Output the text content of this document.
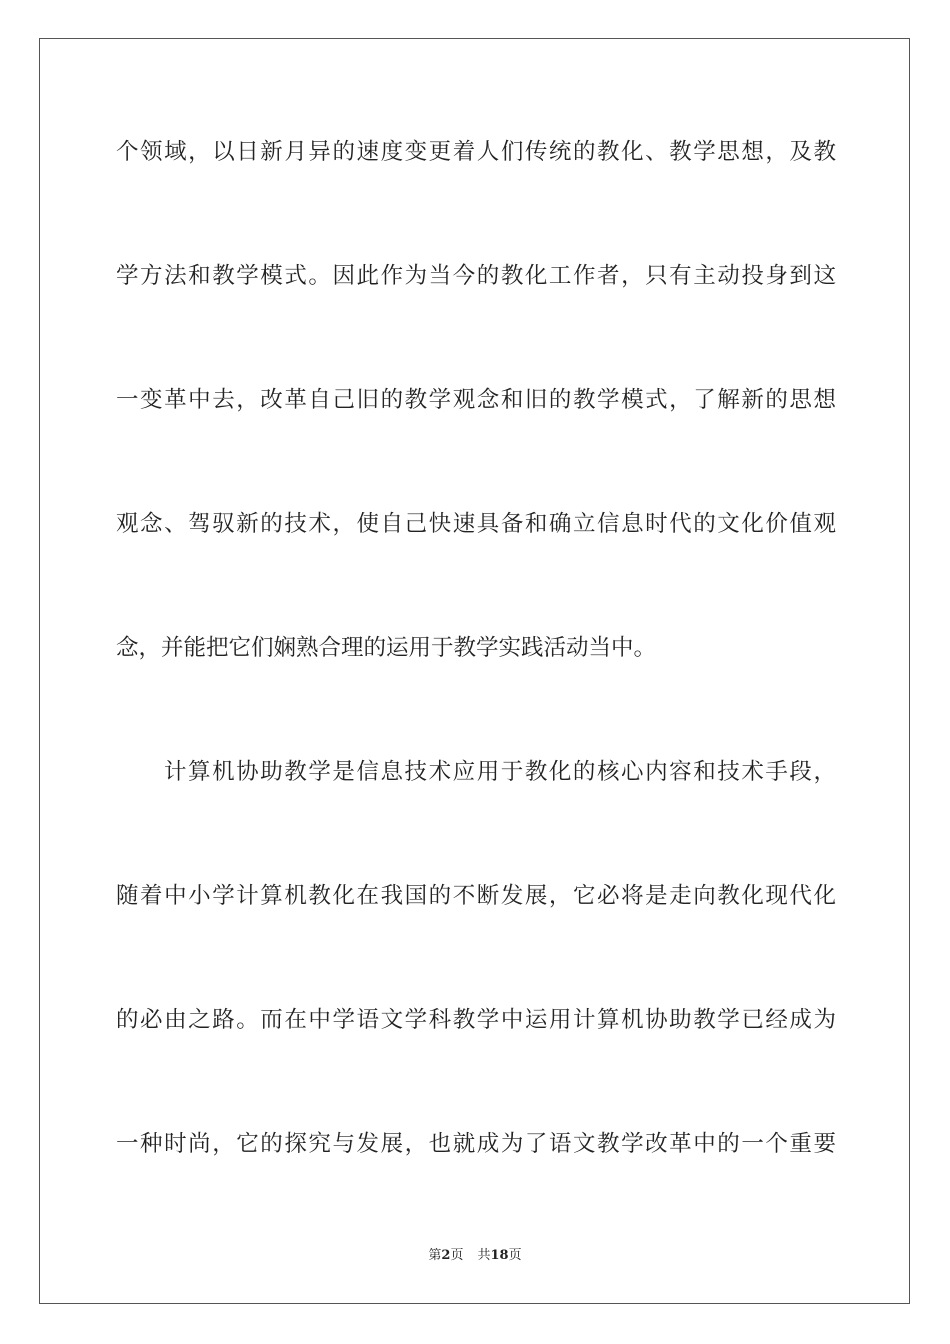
个领域，以日新月异的速度变更着人们传统的教化、教学思想，及教
学方法和教学模式。因此作为当今的教化工作者，只有主动投身到这
一变革中去，改革自己旧的教学观念和旧的教学模式，了解新的思想
观念、驾驭新的技术，使自己快速具备和确立信息时代的文化价值观
念，并能把它们娴熟合理的运用于教学实践活动当中。
计算机协助教学是信息技术应用于教化的核心内容和技术手段，
随着中小学计算机教化在我国的不断发展，它必将是走向教化现代化
的必由之路。而在中学语文学科教学中运用计算机协助教学已经成为
一种时尚，它的探究与发展，也就成为了语文教学改革中的一个重要
第2页 共18页
